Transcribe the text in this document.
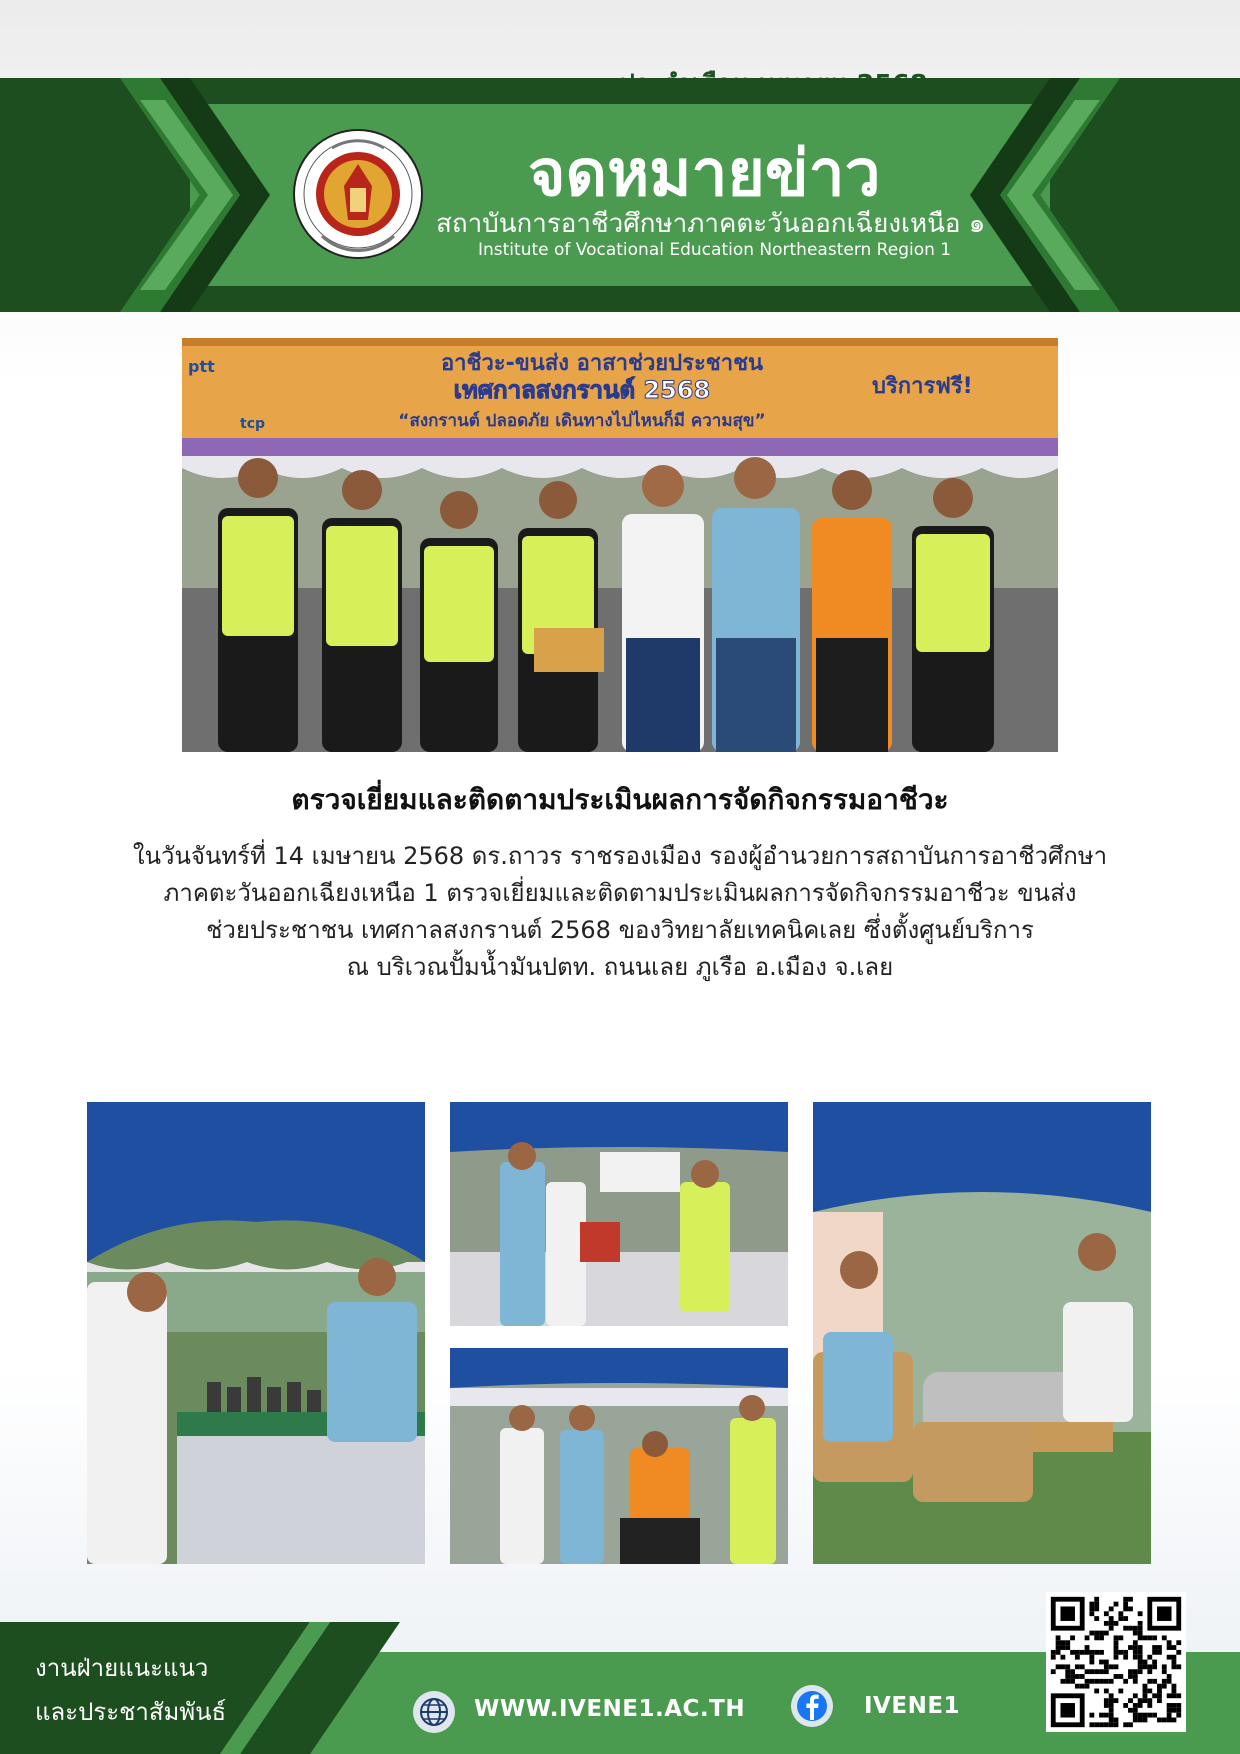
จดหมายข่าว
สถาบันการอาชีวศึกษาภาคตะวันออกเฉียงเหนือ ๑
Institute of Vocational Education Northeastern Region 1
อาชีวะ-ขนส่ง อาสาช่วยประชาชน
เทศกาลสงกรานต์ 2568
“สงกรานต์ ปลอดภัย เดินทางไปไหนก็มี ความสุข”
บริการฟรี!
ptt
tcp
ตรวจเยี่ยมและติดตามประเมินผลการจัดกิจกรรมอาชีวะ
ในวันจันทร์ที่ 14 เมษายน 2568 ดร.ถาวร ราชรองเมือง รองผู้อำนวยการสถาบันการอาชีวศึกษา
ภาคตะวันออกเฉียงเหนือ 1 ตรวจเยี่ยมและติดตามประเมินผลการจัดกิจกรรมอาชีวะ ขนส่ง
ช่วยประชาชน เทศกาลสงกรานต์ 2568 ของวิทยาลัยเทคนิคเลย ซึ่งตั้งศูนย์บริการ
ณ บริเวณปั้มน้ำมันปตท. ถนนเลย ภูเรือ อ.เมือง จ.เลย
งานฝ่ายแนะแนว
และประชาสัมพันธ์	WWW.IVENE1.AC.TH	IVENE1
